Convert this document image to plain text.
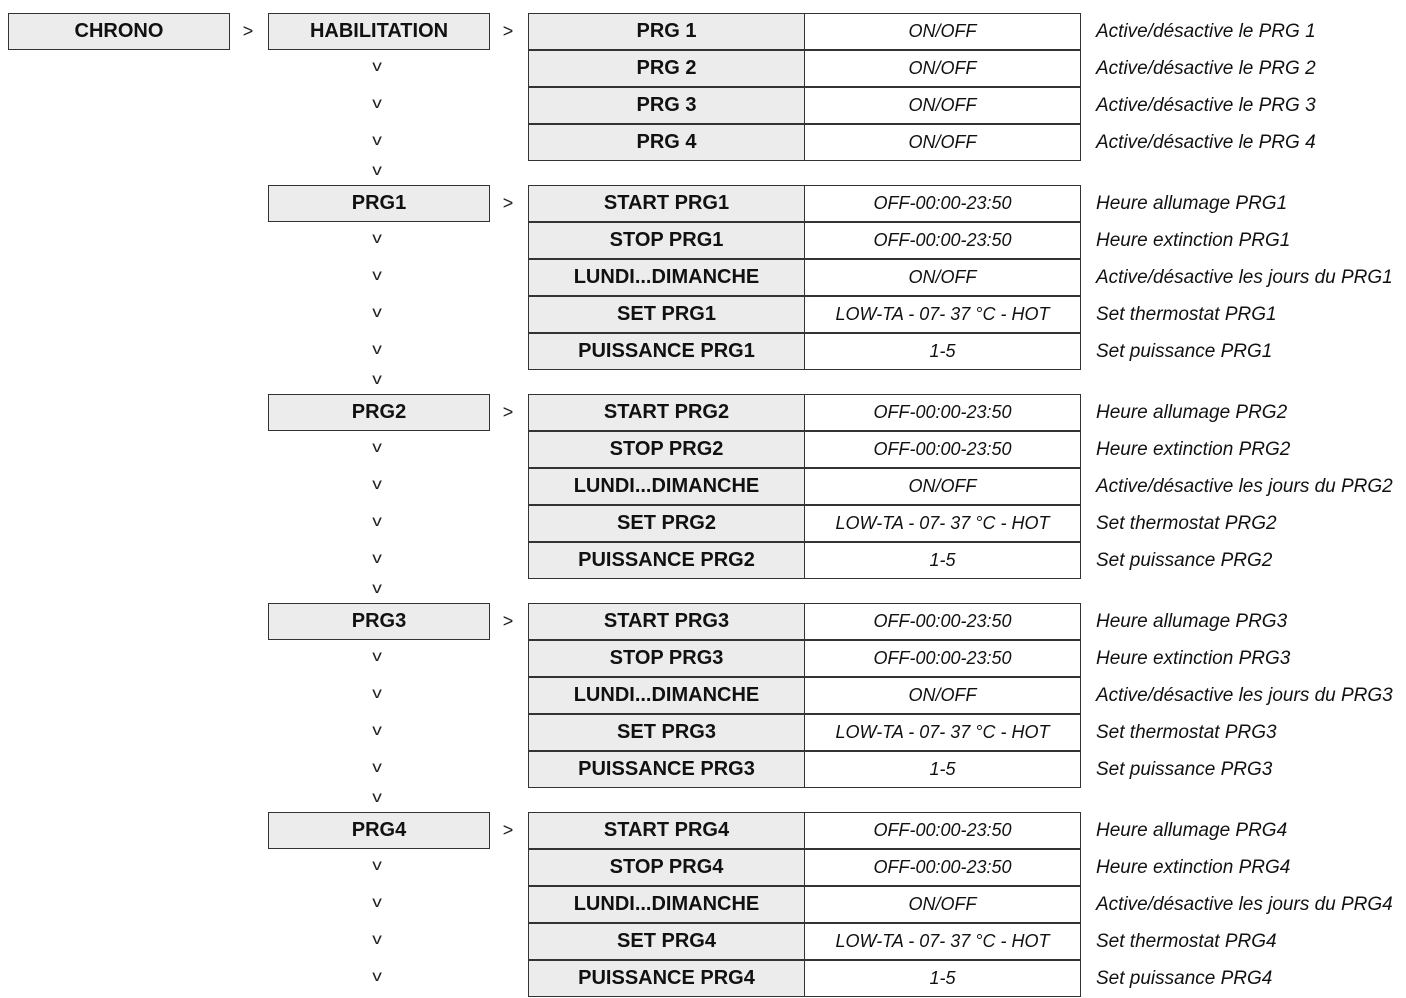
CHRONO	>	HABILITATION	>	PRG 1	ON/OFF	Active/désactive le PRG 1
PRG 2	ON/OFF	Active/désactive le PRG 2
v
PRG 3	ON/OFF	Active/désactive le PRG 3
v
PRG 4	ON/OFF	Active/désactive le PRG 4
v
v
PRG1	>	START PRG1	OFF-00:00-23:50	Heure allumage PRG1
STOP PRG1	OFF-00:00-23:50	Heure extinction PRG1
v
LUNDI...DIMANCHE	ON/OFF	Active/désactive les jours du PRG1
v
SET PRG1	LOW-TA - 07- 37 °C - HOT	Set thermostat PRG1
v
PUISSANCE PRG1	1-5	Set puissance PRG1
v
v
PRG2	>	START PRG2	OFF-00:00-23:50	Heure allumage PRG2
STOP PRG2	OFF-00:00-23:50	Heure extinction PRG2
v
LUNDI...DIMANCHE	ON/OFF	Active/désactive les jours du PRG2
v
SET PRG2	LOW-TA - 07- 37 °C - HOT	Set thermostat PRG2
v
PUISSANCE PRG2	1-5	Set puissance PRG2
v
v
PRG3	>	START PRG3	OFF-00:00-23:50	Heure allumage PRG3
STOP PRG3	OFF-00:00-23:50	Heure extinction PRG3
v
LUNDI...DIMANCHE	ON/OFF	Active/désactive les jours du PRG3
v
SET PRG3	LOW-TA - 07- 37 °C - HOT	Set thermostat PRG3
v
PUISSANCE PRG3	1-5	Set puissance PRG3
v
v
PRG4	>	START PRG4	OFF-00:00-23:50	Heure allumage PRG4
STOP PRG4	OFF-00:00-23:50	Heure extinction PRG4
v
LUNDI...DIMANCHE	ON/OFF	Active/désactive les jours du PRG4
v
SET PRG4	LOW-TA - 07- 37 °C - HOT	Set thermostat PRG4
v
PUISSANCE PRG4	1-5	Set puissance PRG4
v
